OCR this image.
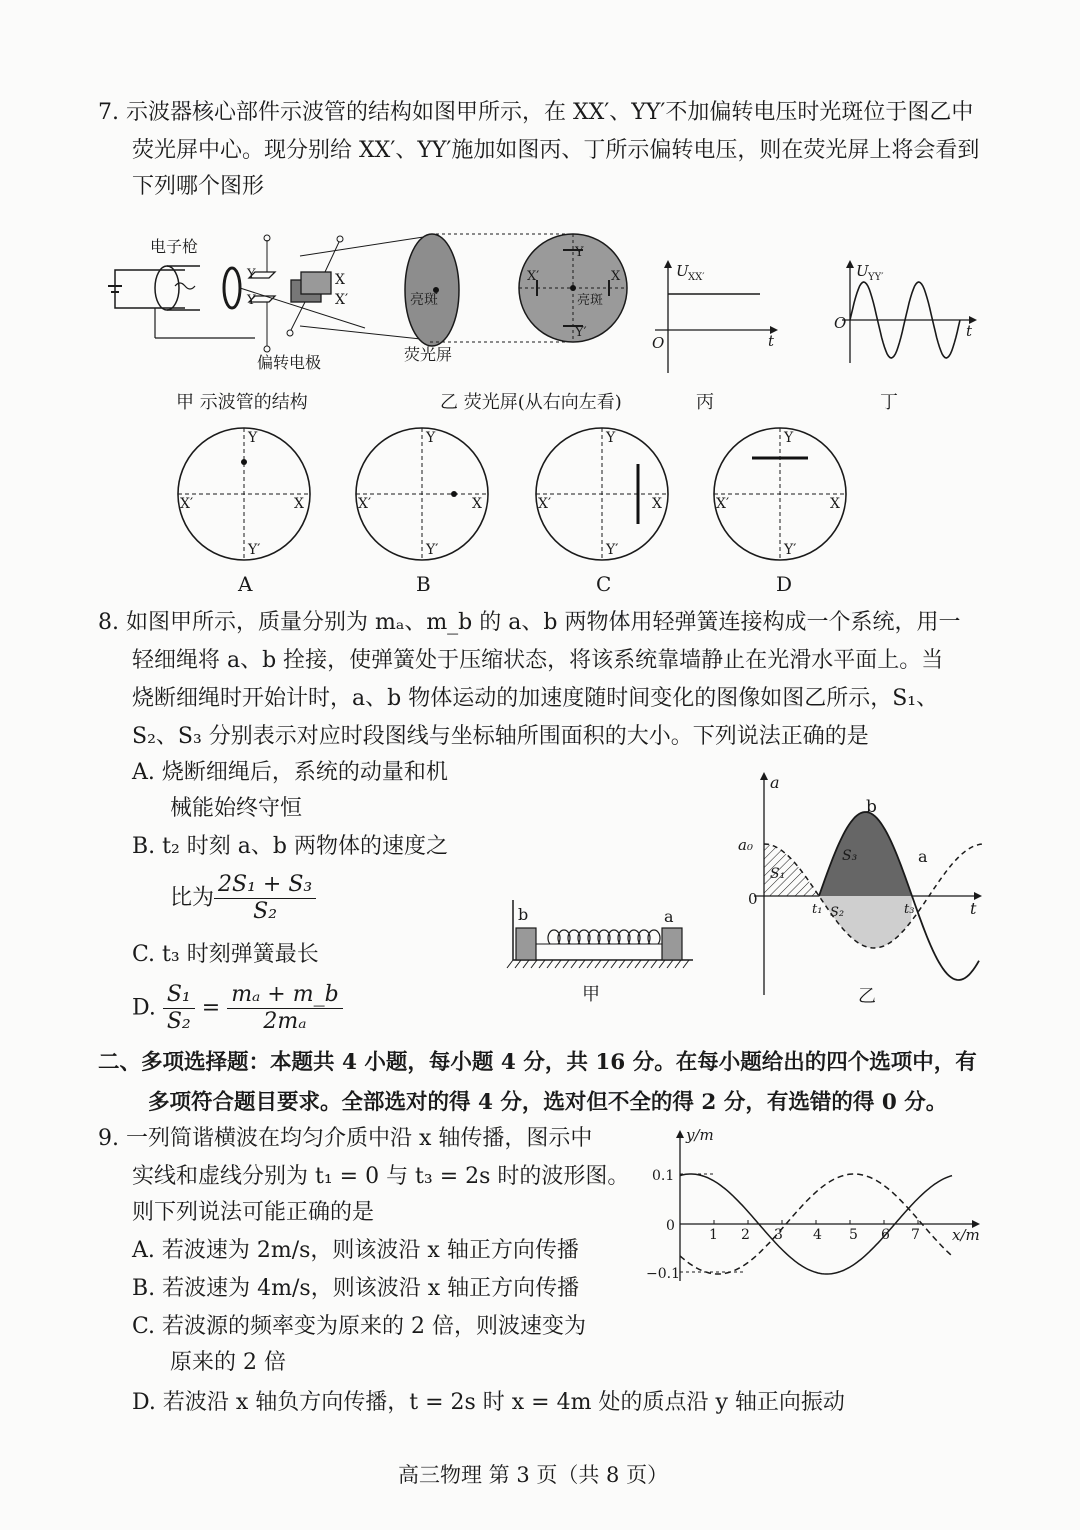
7. 示波器核心部件示波管的结构如图甲所示，在 XX′、YY′不加偏转电压时光斑位于图乙中
荧光屏中心。现分别给 XX′、YY′施加如图丙、丁所示偏转电压，则在荧光屏上将会看到
下列哪个图形
电子枪
Y
Y
X
X′
偏转电极
亮斑
荧光屏
Y
Y′
X′	X
亮斑
U XX′
O	t
U YY′
O	t
甲 示波管的结构	乙 荧光屏(从右向左看)	丙	丁
Y
Y′
X′	X
Y
Y′
X′	X
Y
Y′
X′	X
Y
Y′
X′	X
A	B	C	D
8. 如图甲所示，质量分别为 mₐ、m_b 的 a、b 两物体用轻弹簧连接构成一个系统，用一
轻细绳将 a、b 拴接，使弹簧处于压缩状态，将该系统靠墙静止在光滑水平面上。当
烧断细绳时开始计时，a、b 物体运动的加速度随时间变化的图像如图乙所示，S₁、
S₂、S₃ 分别表示对应时段图线与坐标轴所围面积的大小。下列说法正确的是
A. 烧断细绳后，系统的动量和机
械能始终守恒
B. t₂ 时刻 a、b 两物体的速度之
比为 $\frac{\text{2S₁ + S₃}}{\text{S₂}}$
C. t₃ 时刻弹簧最长
D. $\frac{\text{S₁}}{\text{S₂}} = \frac{\text{mₐ + m\_b}}{\text{2mₐ}}$
b	a
甲
a
t
a₀
0
t₁	t₃
S₁
S₂
S₃
b
a
乙
二、多项选择题：本题共 4 小题，每小题 4 分，共 16 分。在每小题给出的四个选项中，有
多项符合题目要求。全部选对的得 4 分，选对但不全的得 2 分，有选错的得 0 分。
9. 一列简谐横波在均匀介质中沿 x 轴传播，图示中
实线和虚线分别为 t₁ = 0 与 t₃ = 2s 时的波形图。
则下列说法可能正确的是
A. 若波速为 2m/s，则该波沿 x 轴正方向传播
B. 若波速为 4m/s，则该波沿 x 轴正方向传播
C. 若波源的频率变为原来的 2 倍，则波速变为
原来的 2 倍
D. 若波沿 x 轴负方向传播，t = 2s 时 x = 4m 处的质点沿 y 轴正向振动
y/m
x/m
0.1
0
−0.1
1 2 3 4 5 6 7
高三物理 第 3 页（共 8 页）
